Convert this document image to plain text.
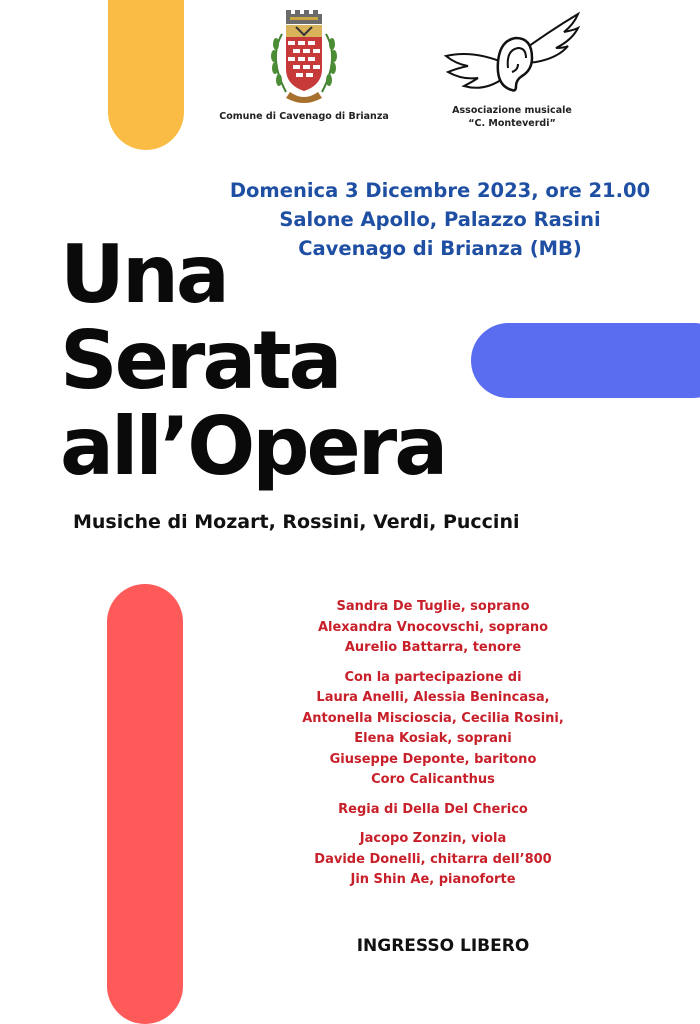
Comune di Cavenago di Brianza
Associazione musicale
“C. Monteverdi”
Domenica 3 Dicembre 2023, ore 21.00
Salone Apollo, Palazzo Rasini
Cavenago di Brianza (MB)
Una
Serata
all’Opera
Musiche di Mozart, Rossini, Verdi, Puccini
Sandra De Tuglie, soprano
Alexandra Vnocovschi, soprano
Aurelio Battarra, tenore
Con la partecipazione di
Laura Anelli, Alessia Benincasa,
Antonella Miscioscia, Cecilia Rosini,
Elena Kosiak, soprani
Giuseppe Deponte, baritono
Coro Calicanthus
Regia di Della Del Cherico
Jacopo Zonzin, viola
Davide Donelli, chitarra dell’800
Jin Shin Ae, pianoforte
INGRESSO LIBERO
